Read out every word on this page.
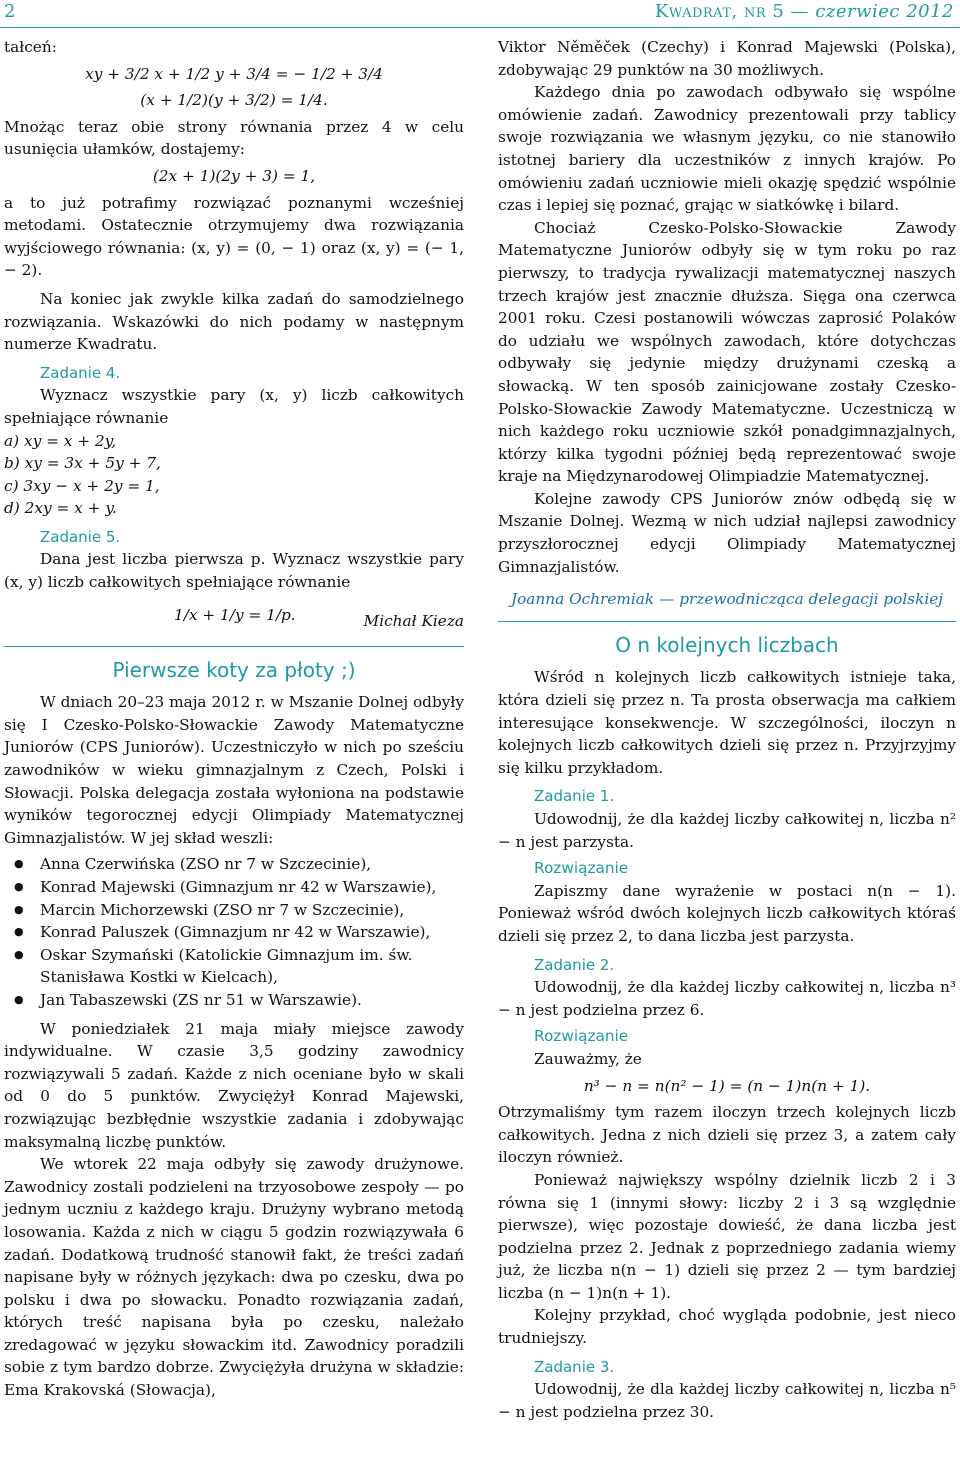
2	Kwadrat, nr 5 — czerwiec 2012

tałceń:

xy + 3/2 x + 1/2 y + 3/4 = − 1/2 + 3/4

(x + 1/2)(y + 3/2) = 1/4.

Mnożąc teraz obie strony równania przez 4 w celu usunięcia ułamków, dostajemy:

(2x + 1)(2y + 3) = 1,

a to już potrafimy rozwiązać poznanymi wcześniej metodami. Ostatecznie otrzymujemy dwa rozwiązania wyjściowego równania: (x, y) = (0, − 1) oraz (x, y) = (− 1, − 2).

Na koniec jak zwykle kilka zadań do samodzielnego rozwiązania. Wskazówki do nich podamy w następnym numerze Kwadratu.

Zadanie 4.

Wyznacz wszystkie pary (x, y) liczb całkowitych spełniające równanie

a) xy = x + 2y,
b) xy = 3x + 5y + 7,
c) 3xy − x + 2y = 1,
d) 2xy = x + y.
Zadanie 5.

Dana jest liczba pierwsza p. Wyznacz wszystkie pary (x, y) liczb całkowitych spełniające równanie

1/x + 1/y = 1/p.	Michał Kieza
Pierwsze koty za płoty ;)

W dniach 20–23 maja 2012 r. w Mszanie Dolnej odbyły się I Czesko-Polsko-Słowackie Zawody Matematyczne Juniorów (CPS Juniorów). Uczestniczyło w nich po sześciu zawodników w wieku gimnazjalnym z Czech, Polski i Słowacji. Polska delegacja została wyłoniona na podstawie wyników tegorocznej edycji Olimpiady Matematycznej Gimnazjalistów. W jej skład weszli:

● Anna Czerwińska (ZSO nr 7 w Szczecinie),
● Konrad Majewski (Gimnazjum nr 42 w Warszawie),
● Marcin Michorzewski (ZSO nr 7 w Szczecinie),
● Konrad Paluszek (Gimnazjum nr 42 w Warszawie),
● Oskar Szymański (Katolickie Gimnazjum im. św. Stanisława Kostki w Kielcach),
● Jan Tabaszewski (ZS nr 51 w Warszawie).

W poniedziałek 21 maja miały miejsce zawody indywidualne. W czasie 3,5 godziny zawodnicy rozwiązywali 5 zadań. Każde z nich oceniane było w skali od 0 do 5 punktów. Zwyciężył Konrad Majewski, rozwiązując bezbłędnie wszystkie zadania i zdobywając maksymalną liczbę punktów.

We wtorek 22 maja odbyły się zawody drużynowe. Zawodnicy zostali podzieleni na trzyosobowe zespoły — po jednym uczniu z każdego kraju. Drużyny wybrano metodą losowania. Każda z nich w ciągu 5 godzin rozwiązywała 6 zadań. Dodatkową trudność stanowił fakt, że treści zadań napisane były w różnych językach: dwa po czesku, dwa po polsku i dwa po słowacku. Ponadto rozwiązania zadań, których treść napisana była po czesku, należało zredagować w języku słowackim itd. Zawodnicy poradzili sobie z tym bardzo dobrze. Zwyciężyła drużyna w składzie: Ema Krakovská (Słowacja),

Viktor Něměček (Czechy) i Konrad Majewski (Polska), zdobywając 29 punktów na 30 możliwych.

Każdego dnia po zawodach odbywało się wspólne omówienie zadań. Zawodnicy prezentowali przy tablicy swoje rozwiązania we własnym języku, co nie stanowiło istotnej bariery dla uczestników z innych krajów. Po omówieniu zadań uczniowie mieli okazję spędzić wspólnie czas i lepiej się poznać, grając w siatkówkę i bilard.

Chociaż Czesko-Polsko-Słowackie Zawody Matematyczne Juniorów odbyły się w tym roku po raz pierwszy, to tradycja rywalizacji matematycznej naszych trzech krajów jest znacznie dłuższa. Sięga ona czerwca 2001 roku. Czesi postanowili wówczas zaprosić Polaków do udziału we wspólnych zawodach, które dotychczas odbywały się jedynie między drużynami czeską a słowacką. W ten sposób zainicjowane zostały Czesko-Polsko-Słowackie Zawody Matematyczne. Uczestniczą w nich każdego roku uczniowie szkół ponadgimnazjalnych, którzy kilka tygodni później będą reprezentować swoje kraje na Międzynarodowej Olimpiadzie Matematycznej.

Kolejne zawody CPS Juniorów znów odbędą się w Mszanie Dolnej. Wezmą w nich udział najlepsi zawodnicy przyszłorocznej edycji Olimpiady Matematycznej Gimnazjalistów.

Joanna Ochremiak — przewodnicząca delegacji polskiej

O n kolejnych liczbach

Wśród n kolejnych liczb całkowitych istnieje taka, która dzieli się przez n. Ta prosta obserwacja ma całkiem interesujące konsekwencje. W szczególności, iloczyn n kolejnych liczb całkowitych dzieli się przez n. Przyjrzyjmy się kilku przykładom.

Zadanie 1.

Udowodnij, że dla każdej liczby całkowitej n, liczba n² − n jest parzysta.

Rozwiązanie

Zapiszmy dane wyrażenie w postaci n(n − 1). Ponieważ wśród dwóch kolejnych liczb całkowitych któraś dzieli się przez 2, to dana liczba jest parzysta.

Zadanie 2.

Udowodnij, że dla każdej liczby całkowitej n, liczba n³ − n jest podzielna przez 6.

Rozwiązanie

Zauważmy, że

n³ − n = n(n² − 1) = (n − 1)n(n + 1).

Otrzymaliśmy tym razem iloczyn trzech kolejnych liczb całkowitych. Jedna z nich dzieli się przez 3, a zatem cały iloczyn również.

Ponieważ największy wspólny dzielnik liczb 2 i 3 równa się 1 (innymi słowy: liczby 2 i 3 są względnie pierwsze), więc pozostaje dowieść, że dana liczba jest podzielna przez 2. Jednak z poprzedniego zadania wiemy już, że liczba n(n − 1) dzieli się przez 2 — tym bardziej liczba (n − 1)n(n + 1).

Kolejny przykład, choć wygląda podobnie, jest nieco trudniejszy.

Zadanie 3.

Udowodnij, że dla każdej liczby całkowitej n, liczba n⁵ − n jest podzielna przez 30.
